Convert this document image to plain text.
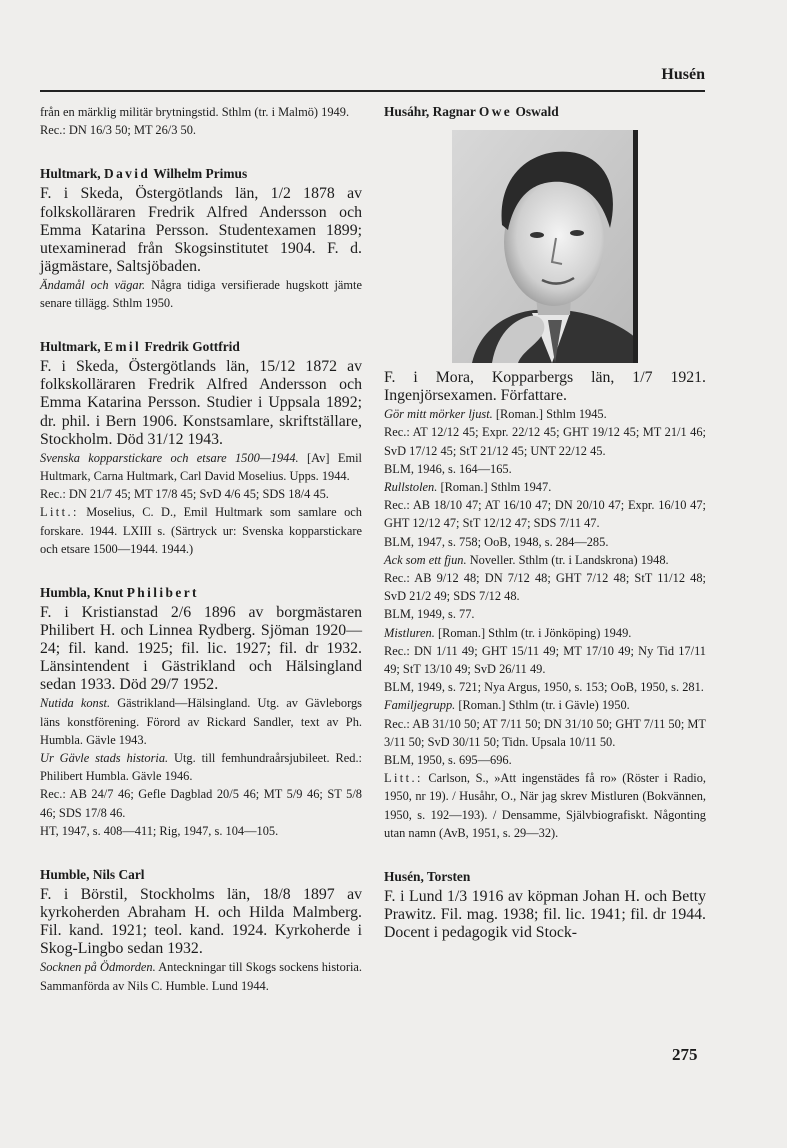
Husén

från en märklig militär brytningstid. Sthlm (tr. i Malmö) 1949.

Rec.: DN 16/3 50; MT 26/3 50.

Hultmark, David Wilhelm Primus

F. i Skeda, Östergötlands län, 1/2 1878 av folkskolläraren Fredrik Alfred Andersson och Emma Katarina Persson. Studentexamen 1899; utexaminerad från Skogsinstitutet 1904. F. d. jägmästare, Saltsjöbaden.

Ändamål och vägar. Några tidiga versifierade hugskott jämte senare tillägg. Sthlm 1950.

Hultmark, Emil Fredrik Gottfrid

F. i Skeda, Östergötlands län, 15/12 1872 av folkskolläraren Fredrik Alfred Andersson och Emma Katarina Persson. Studier i Uppsala 1892; dr. phil. i Bern 1906. Konstsamlare, skriftställare, Stockholm. Död 31/12 1943.

Svenska kopparstickare och etsare 1500—1944. [Av] Emil Hultmark, Carna Hultmark, Carl David Moselius. Upps. 1944.

Rec.: DN 21/7 45; MT 17/8 45; SvD 4/6 45; SDS 18/4 45.

Litt.: Moselius, C. D., Emil Hultmark som samlare och forskare. 1944. LXIII s. (Särtryck ur: Svenska kopparstickare och etsare 1500—1944. 1944.)

Humbla, Knut Philibert

F. i Kristianstad 2/6 1896 av borgmästaren Philibert H. och Linnea Rydberg. Sjöman 1920—24; fil. kand. 1925; fil. lic. 1927; fil. dr 1932. Länsintendent i Gästrikland och Hälsingland sedan 1933. Död 29/7 1952.

Nutida konst. Gästrikland—Hälsingland. Utg. av Gävleborgs läns konstförening. Förord av Rickard Sandler, text av Ph. Humbla. Gävle 1943.

Ur Gävle stads historia. Utg. till femhundraårsjubileet. Red.: Philibert Humbla. Gävle 1946.

Rec.: AB 24/7 46; Gefle Dagblad 20/5 46; MT 5/9 46; ST 5/8 46; SDS 17/8 46.

HT, 1947, s. 408—411; Rig, 1947, s. 104—105.

Humble, Nils Carl

F. i Börstil, Stockholms län, 18/8 1897 av kyrkoherden Abraham H. och Hilda Malmberg. Fil. kand. 1921; teol. kand. 1924. Kyrkoherde i Skog-Lingbo sedan 1932.

Socknen på Ödmorden. Anteckningar till Skogs sockens historia. Sammanförda av Nils C. Humble. Lund 1944.

Husáhr, Ragnar Owe Oswald

F. i Mora, Kopparbergs län, 1/7 1921. Ingenjörsexamen. Författare.

Gör mitt mörker ljust. [Roman.] Sthlm 1945.

Rec.: AT 12/12 45; Expr. 22/12 45; GHT 19/12 45; MT 21/1 46; SvD 17/12 45; StT 21/12 45; UNT 22/12 45.

BLM, 1946, s. 164—165.

Rullstolen. [Roman.] Sthlm 1947.

Rec.: AB 18/10 47; AT 16/10 47; DN 20/10 47; Expr. 16/10 47; GHT 12/12 47; StT 12/12 47; SDS 7/11 47.

BLM, 1947, s. 758; OoB, 1948, s. 284—285.

Ack som ett fjun. Noveller. Sthlm (tr. i Landskrona) 1948.

Rec.: AB 9/12 48; DN 7/12 48; GHT 7/12 48; StT 11/12 48; SvD 21/2 49; SDS 7/12 48.

BLM, 1949, s. 77.

Mistluren. [Roman.] Sthlm (tr. i Jönköping) 1949.

Rec.: DN 1/11 49; GHT 15/11 49; MT 17/10 49; Ny Tid 17/11 49; StT 13/10 49; SvD 26/11 49.

BLM, 1949, s. 721; Nya Argus, 1950, s. 153; OoB, 1950, s. 281.

Familjegrupp. [Roman.] Sthlm (tr. i Gävle) 1950.

Rec.: AB 31/10 50; AT 7/11 50; DN 31/10 50; GHT 7/11 50; MT 3/11 50; SvD 30/11 50; Tidn. Upsala 10/11 50.

BLM, 1950, s. 695—696.

Litt.: Carlson, S., »Att ingenstädes få ro» (Röster i Radio, 1950, nr 19). / Husåhr, O., När jag skrev Mistluren (Bokvännen, 1950, s. 192—193). / Densamme, Självbiografiskt. Någonting utan namn (AvB, 1951, s. 29—32).

Husén, Torsten

F. i Lund 1/3 1916 av köpman Johan H. och Betty Prawitz. Fil. mag. 1938; fil. lic. 1941; fil. dr 1944. Docent i pedagogik vid Stock-

275
